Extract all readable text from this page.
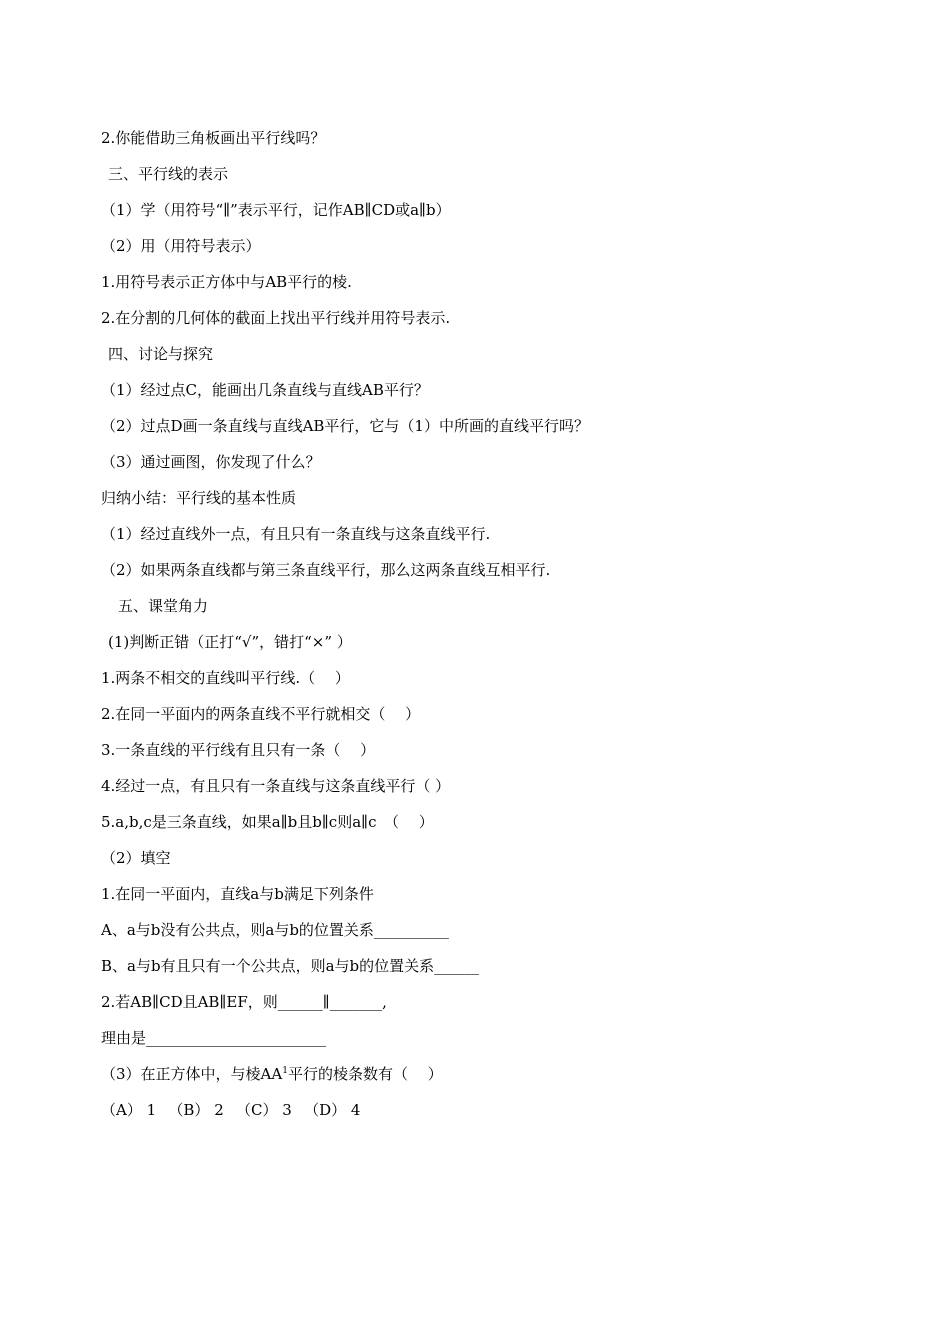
2.你能借助三角板画出平行线吗？
三、平行线的表示
（1）学（用符号“∥”表示平行，记作AB∥CD或a∥b）
（2）用（用符号表示）
1.用符号表示正方体中与AB平行的棱.
2.在分割的几何体的截面上找出平行线并用符号表示.
四、讨论与探究
（1）经过点C，能画出几条直线与直线AB平行？
（2）过点D画一条直线与直线AB平行，它与（1）中所画的直线平行吗？
（3）通过画图，你发现了什么？
归纳小结：平行线的基本性质
（1）经过直线外一点，有且只有一条直线与这条直线平行.
（2）如果两条直线都与第三条直线平行，那么这两条直线互相平行.
五、课堂角力
(1)判断正错（正打“√”，错打“×” ）
1.两条不相交的直线叫平行线.（　 ）
2.在同一平面内的两条直线不平行就相交（　 ）
3.一条直线的平行线有且只有一条（　 ）
4.经过一点，有且只有一条直线与这条直线平行（ ）
5.a,b,c是三条直线，如果a∥b且b∥c则a∥c　（　 ）
（2）填空
1.在同一平面内，直线a与b满足下列条件
A、a与b没有公共点，则a与b的位置关系__________
B、a与b有且只有一个公共点，则a与b的位置关系______
2.若AB∥CD且AB∥EF，则______∥_______,
理由是________________________
（3）在正方体中，与棱$AA^1$平行的棱条数有（　 ）
（A） 1 　（B） 2 　（C） 3 　（D） 4
